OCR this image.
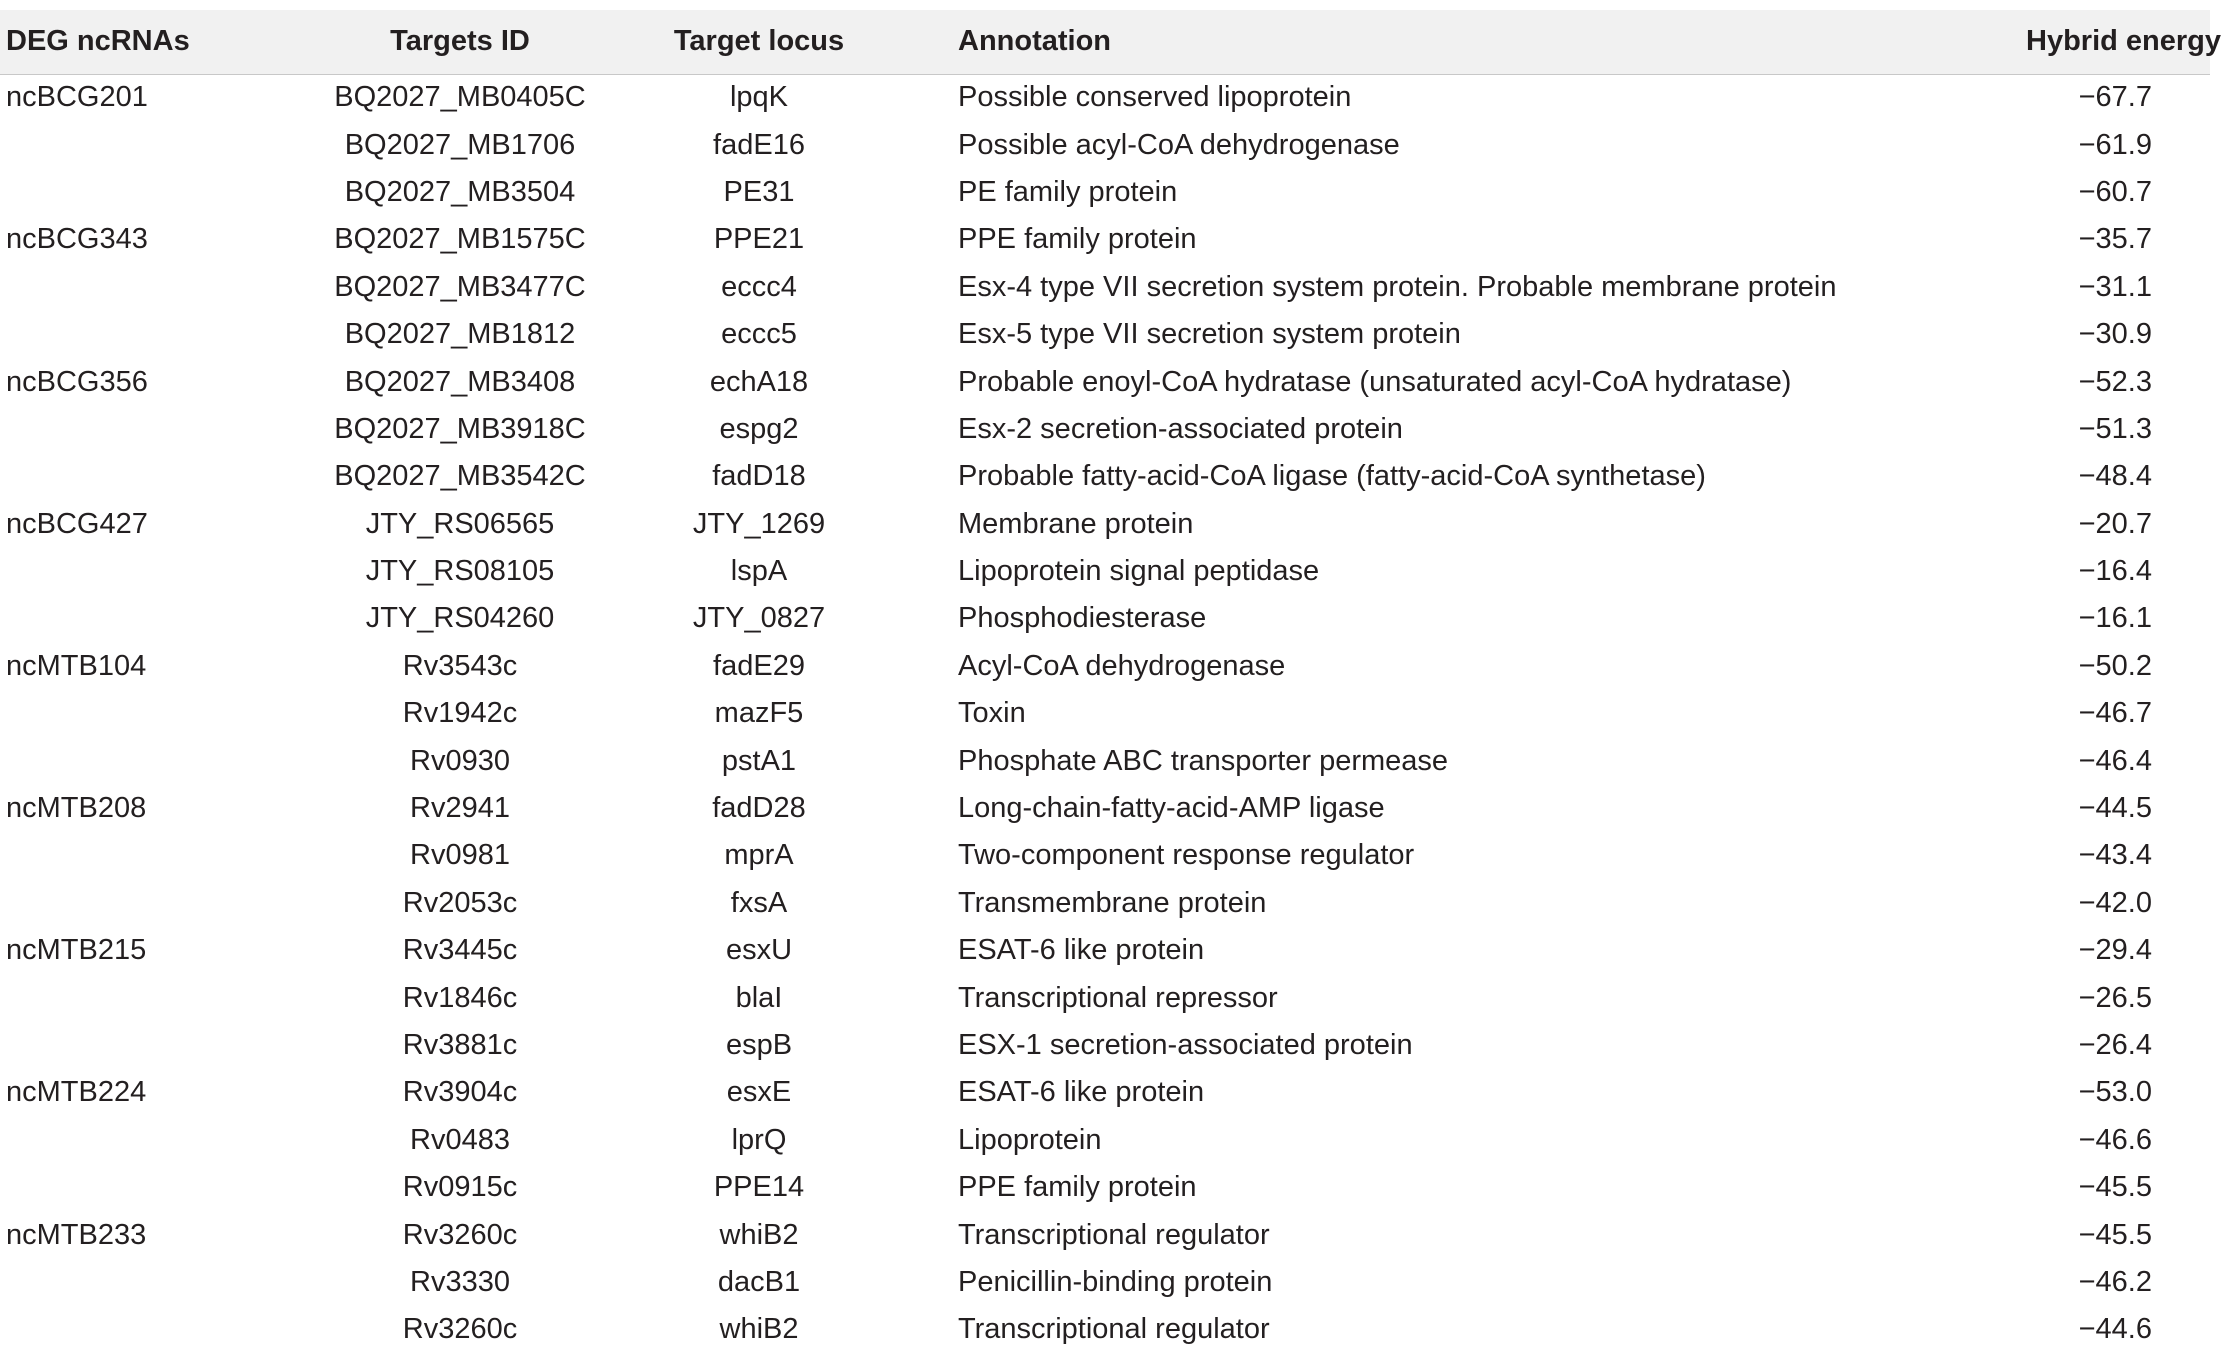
DEG ncRNAs	Targets ID	Target locus	Annotation	Hybrid energy
ncBCG201	BQ2027_MB0405C	lpqK	Possible conserved lipoprotein	−67.7
	BQ2027_MB1706	fadE16	Possible acyl-CoA dehydrogenase	−61.9
	BQ2027_MB3504	PE31	PE family protein	−60.7
ncBCG343	BQ2027_MB1575C	PPE21	PPE family protein	−35.7
	BQ2027_MB3477C	eccc4	Esx-4 type VII secretion system protein. Probable membrane protein	−31.1
	BQ2027_MB1812	eccc5	Esx-5 type VII secretion system protein	−30.9
ncBCG356	BQ2027_MB3408	echA18	Probable enoyl-CoA hydratase (unsaturated acyl-CoA hydratase)	−52.3
	BQ2027_MB3918C	espg2	Esx-2 secretion-associated protein	−51.3
	BQ2027_MB3542C	fadD18	Probable fatty-acid-CoA ligase (fatty-acid-CoA synthetase)	−48.4
ncBCG427	JTY_RS06565	JTY_1269	Membrane protein	−20.7
	JTY_RS08105	lspA	Lipoprotein signal peptidase	−16.4
	JTY_RS04260	JTY_0827	Phosphodiesterase	−16.1
ncMTB104	Rv3543c	fadE29	Acyl-CoA dehydrogenase	−50.2
	Rv1942c	mazF5	Toxin	−46.7
	Rv0930	pstA1	Phosphate ABC transporter permease	−46.4
ncMTB208	Rv2941	fadD28	Long-chain-fatty-acid-AMP ligase	−44.5
	Rv0981	mprA	Two-component response regulator	−43.4
	Rv2053c	fxsA	Transmembrane protein	−42.0
ncMTB215	Rv3445c	esxU	ESAT-6 like protein	−29.4
	Rv1846c	blaI	Transcriptional repressor	−26.5
	Rv3881c	espB	ESX-1 secretion-associated protein	−26.4
ncMTB224	Rv3904c	esxE	ESAT-6 like protein	−53.0
	Rv0483	lprQ	Lipoprotein	−46.6
	Rv0915c	PPE14	PPE family protein	−45.5
ncMTB233	Rv3260c	whiB2	Transcriptional regulator	−45.5
	Rv3330	dacB1	Penicillin-binding protein	−46.2
	Rv3260c	whiB2	Transcriptional regulator	−44.6
